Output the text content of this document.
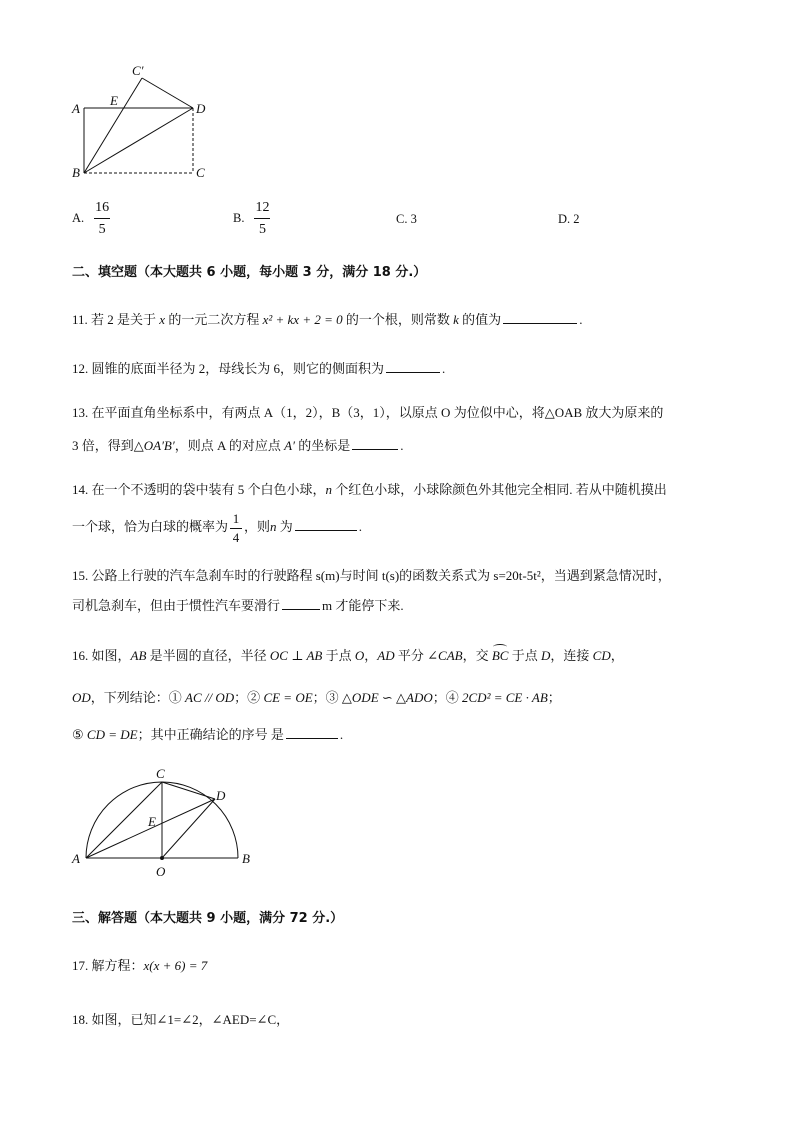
A
B	C
D
E
C′
A. $\frac{16}{5}$	B. $\frac{12}{5}$	C.
3	D.
2
二、填空题（本大题共 6 小题，每小题 3 分，满分 18 分.）
11. 若 2 是关于 x 的一元二次方程 x² + kx + 2 = 0 的一个根，则常数 k 的值为	.
12. 圆锥的底面半径为 2，母线长为 6，则它的侧面积为	.
13. 在平面直角坐标系中，有两点 A（1，2），B（3，1），以原点 O 为位似中心，将△OAB 放大为原来的
3 倍，得到△OA′B′，则点 A 的对应点 A′ 的坐标是	.
14. 在一个不透明的袋中装有 5 个白色小球，n 个红色小球，小球除颜色外其他完全相同. 若从中随机摸出
一个球，恰为白球的概率为 $\frac{1}{4}$ ，则n 为	.
15. 公路上行驶的汽车急刹车时的行驶路程 s(m)与时间 t(s)的函数关系式为 s=20t-5t²，当遇到紧急情况时，
司机急刹车，但由于惯性汽车要滑行	m 才能停下来.
16. 如图，AB 是半圆的直径，半径 OC ⊥ AB 于点 O，AD 平分 ∠CAB，交 BC 于点 D，连接 CD，
OD，下列结论：① AC // OD；② CE = OE；③ △ODE ∽ △ADO；④ 2CD² = CE · AB；
⑤ CD = DE；其中正确结论的序号 是	.
A	B
C
D
E
O
三、解答题（本大题共 9 小题，满分 72 分.）
17. 解方程：x(x + 6) = 7
18. 如图，已知∠1=∠2，∠AED=∠C，
